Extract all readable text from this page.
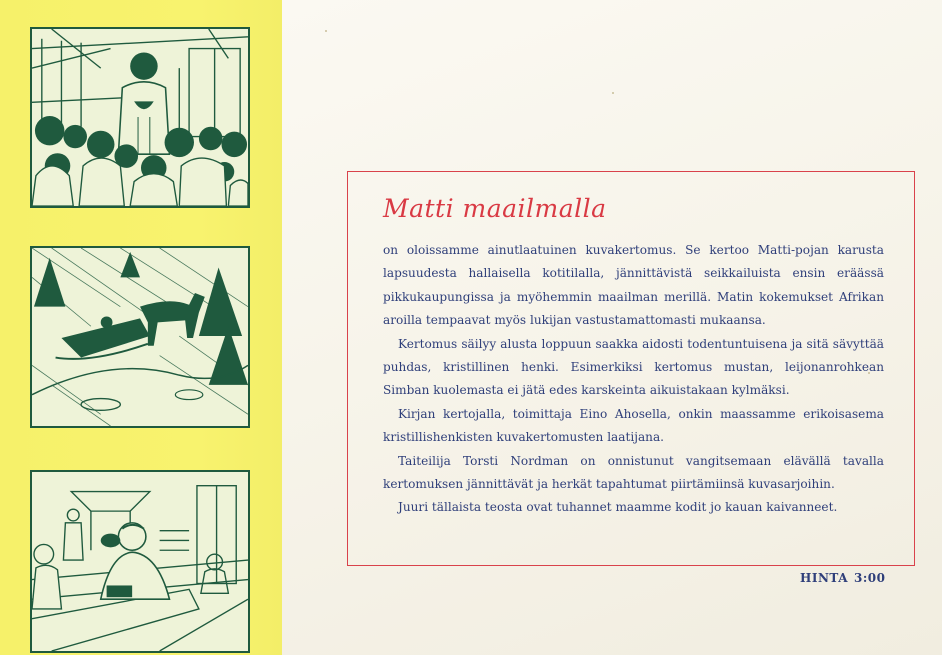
Matti maailmalla

on oloissamme ainutlaatuinen kuvakertomus. Se kertoo Matti-pojan karusta lapsuudesta hallaisella kotitilalla, jännittävistä seikkailuista ensin eräässä pikkukaupungissa ja myöhemmin maailman merillä. Matin kokemukset Afrikan aroilla tempaavat myös lukijan vastustamattomasti mukaansa.

Kertomus säilyy alusta loppuun saakka aidosti todentuntuisena ja sitä sävyttää puhdas, kristillinen henki. Esimerkiksi kertomus mustan, leijonanrohkean Simban kuolemasta ei jätä edes karskeinta aikuistakaan kylmäksi.

Kirjan kertojalla, toimittaja Eino Ahosella, onkin maassamme erikoisasema kristillishenkisten kuvakertomusten laatijana.

Taiteilija Torsti Nordman on onnistunut vangitsemaan elävällä tavalla kertomuksen jännittävät ja herkät tapahtumat piirtämiinsä kuvasarjoihin.

Juuri tällaista teosta ovat tuhannet maamme kodit jo kauan kaivanneet.

HINTA 3:00
